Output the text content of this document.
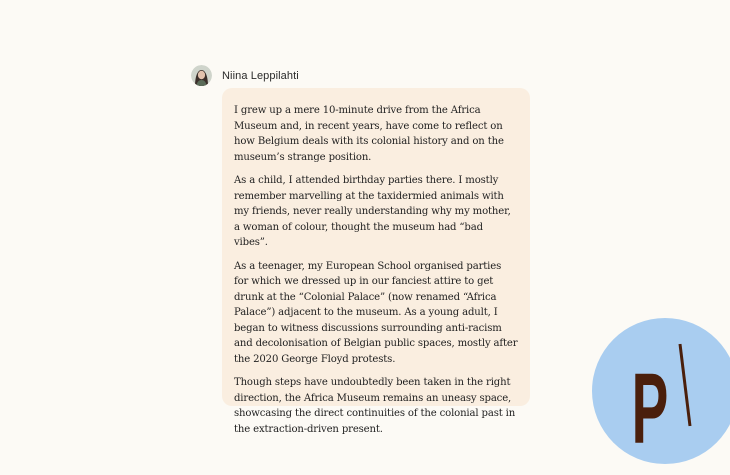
Niina Leppilahti

I grew up a mere 10-minute drive from the Africa Museum and, in recent years, have come to reflect on how Belgium deals with its colonial history and on the museum’s strange position.

As a child, I attended birthday parties there. I mostly remember marvelling at the taxidermied animals with my friends, never really understanding why my mother, a woman of colour, thought the museum had “bad vibes”.

As a teenager, my European School organised parties for which we dressed up in our fanciest attire to get drunk at the “Colonial Palace” (now renamed “Africa Palace”) adjacent to the museum. As a young adult, I began to witness discussions surrounding anti-racism and decolonisation of Belgian public spaces, mostly after the 2020 George Floyd protests.

Though steps have undoubtedly been taken in the right direction, the Africa Museum remains an uneasy space, showcasing the direct continuities of the colonial past in the extraction-driven present.	P
